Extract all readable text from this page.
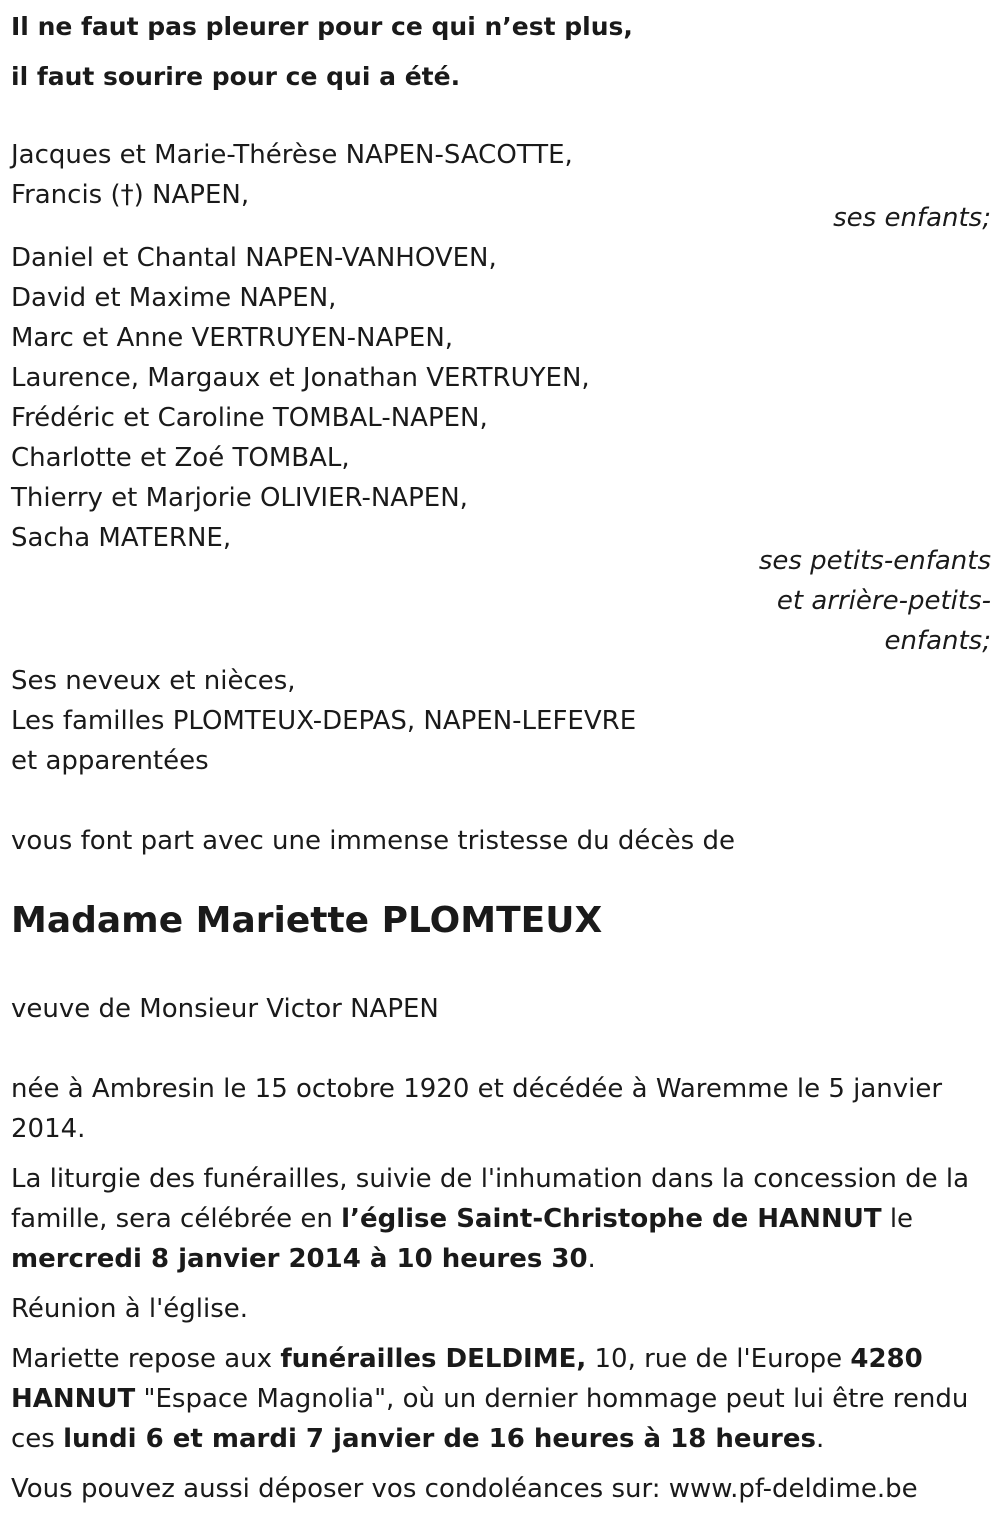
Il ne faut pas pleurer pour ce qui n’est plus,
il faut sourire pour ce qui a été.
Jacques et Marie-Thérèse NAPEN-SACOTTE,
Francis (†) NAPEN,
ses enfants;
Daniel et Chantal NAPEN-VANHOVEN,
David et Maxime NAPEN,
Marc et Anne VERTRUYEN-NAPEN,
Laurence, Margaux et Jonathan VERTRUYEN,
Frédéric et Caroline TOMBAL-NAPEN,
Charlotte et Zoé TOMBAL,
Thierry et Marjorie OLIVIER-NAPEN,
Sacha MATERNE,
ses petits-enfants
et arrière-petits-
enfants;
Ses neveux et nièces,
Les familles PLOMTEUX-DEPAS, NAPEN-LEFEVRE
et apparentées
vous font part avec une immense tristesse du décès de
Madame Mariette PLOMTEUX
veuve de Monsieur Victor NAPEN
née à Ambresin le 15 octobre 1920 et décédée à Waremme le 5 janvier
2014.
La liturgie des funérailles, suivie de l'inhumation dans la concession de la
famille, sera célébrée en l’église Saint-Christophe de HANNUT le
mercredi 8 janvier 2014 à 10 heures 30.
Réunion à l'église.
Mariette repose aux funérailles DELDIME, 10, rue de l'Europe 4280
HANNUT "Espace Magnolia", où un dernier hommage peut lui être rendu
ces lundi 6 et mardi 7 janvier de 16 heures à 18 heures.
Vous pouvez aussi déposer vos condoléances sur: www.pf-deldime.be
